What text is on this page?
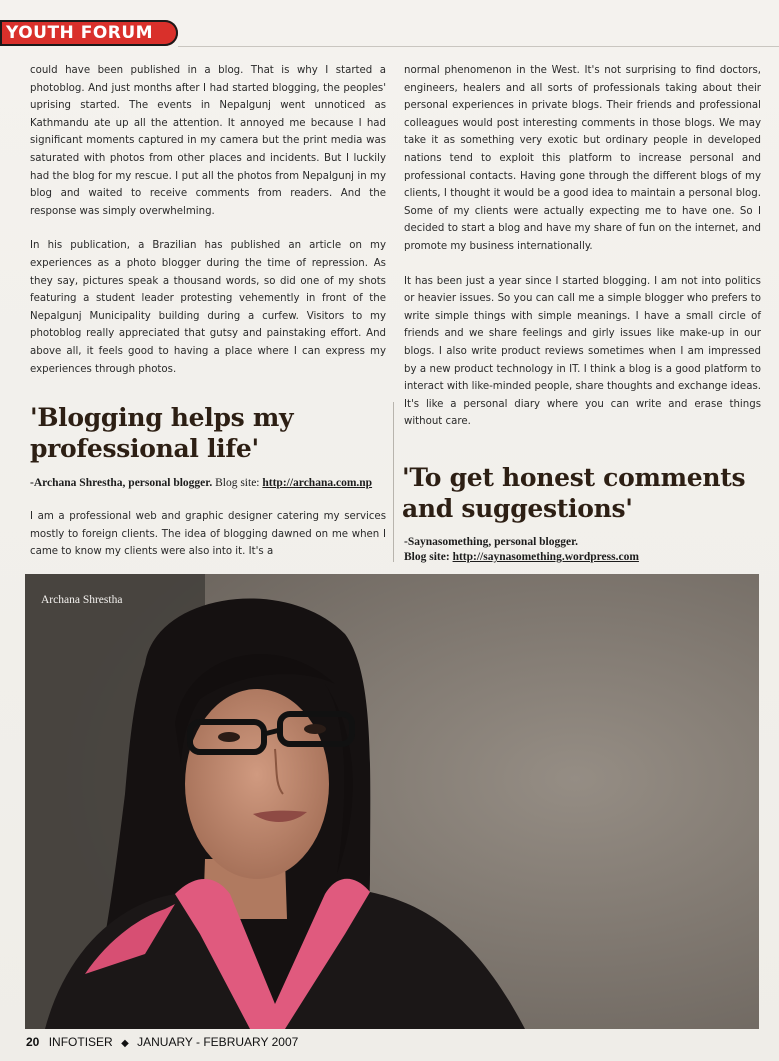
YOUTH FORUM

could have been published in a blog. That is why I started a photoblog. And just months after I had started blogging, the peoples' uprising started. The events in Nepalgunj went unnoticed as Kathmandu ate up all the attention. It annoyed me because I had significant moments captured in my camera but the print media was saturated with photos from other places and incidents. But I luckily had the blog for my rescue. I put all the photos from Nepalgunj in my blog and waited to receive comments from readers. And the response was simply overwhelming.

In his publication, a Brazilian has published an article on my experiences as a photo blogger during the time of repression. As they say, pictures speak a thousand words, so did one of my shots featuring a student leader protesting vehemently in front of the Nepalgunj Municipality building during a curfew. Visitors to my photoblog really appreciated that gutsy and painstaking effort. And above all, it feels good to having a place where I can express my experiences through photos.

'Blogging helps my professional life'
-Archana Shrestha, personal blogger. Blog site: http://archana.com.np

I am a professional web and graphic designer catering my services mostly to foreign clients. The idea of blogging dawned on me when I came to know my clients were also into it. It's a

normal phenomenon in the West. It's not surprising to find doctors, engineers, healers and all sorts of professionals taking about their personal experiences in private blogs. Their friends and professional colleagues would post interesting comments in those blogs. We may take it as something very exotic but ordinary people in developed nations tend to exploit this platform to increase personal and professional contacts. Having gone through the different blogs of my clients, I thought it would be a good idea to maintain a personal blog. Some of my clients were actually expecting me to have one. So I decided to start a blog and have my share of fun on the internet, and promote my business internationally.

It has been just a year since I started blogging. I am not into politics or heavier issues. So you can call me a simple blogger who prefers to write simple things with simple meanings. I have a small circle of friends and we share feelings and girly issues like make-up in our blogs. I also write product reviews sometimes when I am impressed by a new product technology in IT. I think a blog is a good platform to interact with like-minded people, share thoughts and exchange ideas. It's like a personal diary where you can write and erase things without care.

'To get honest comments and suggestions'
-Saynasomething, personal blogger.
Blog site: http://saynasomething.wordpress.com
Archana Shrestha
20 INFOTISER ◆ JANUARY - FEBRUARY 2007
